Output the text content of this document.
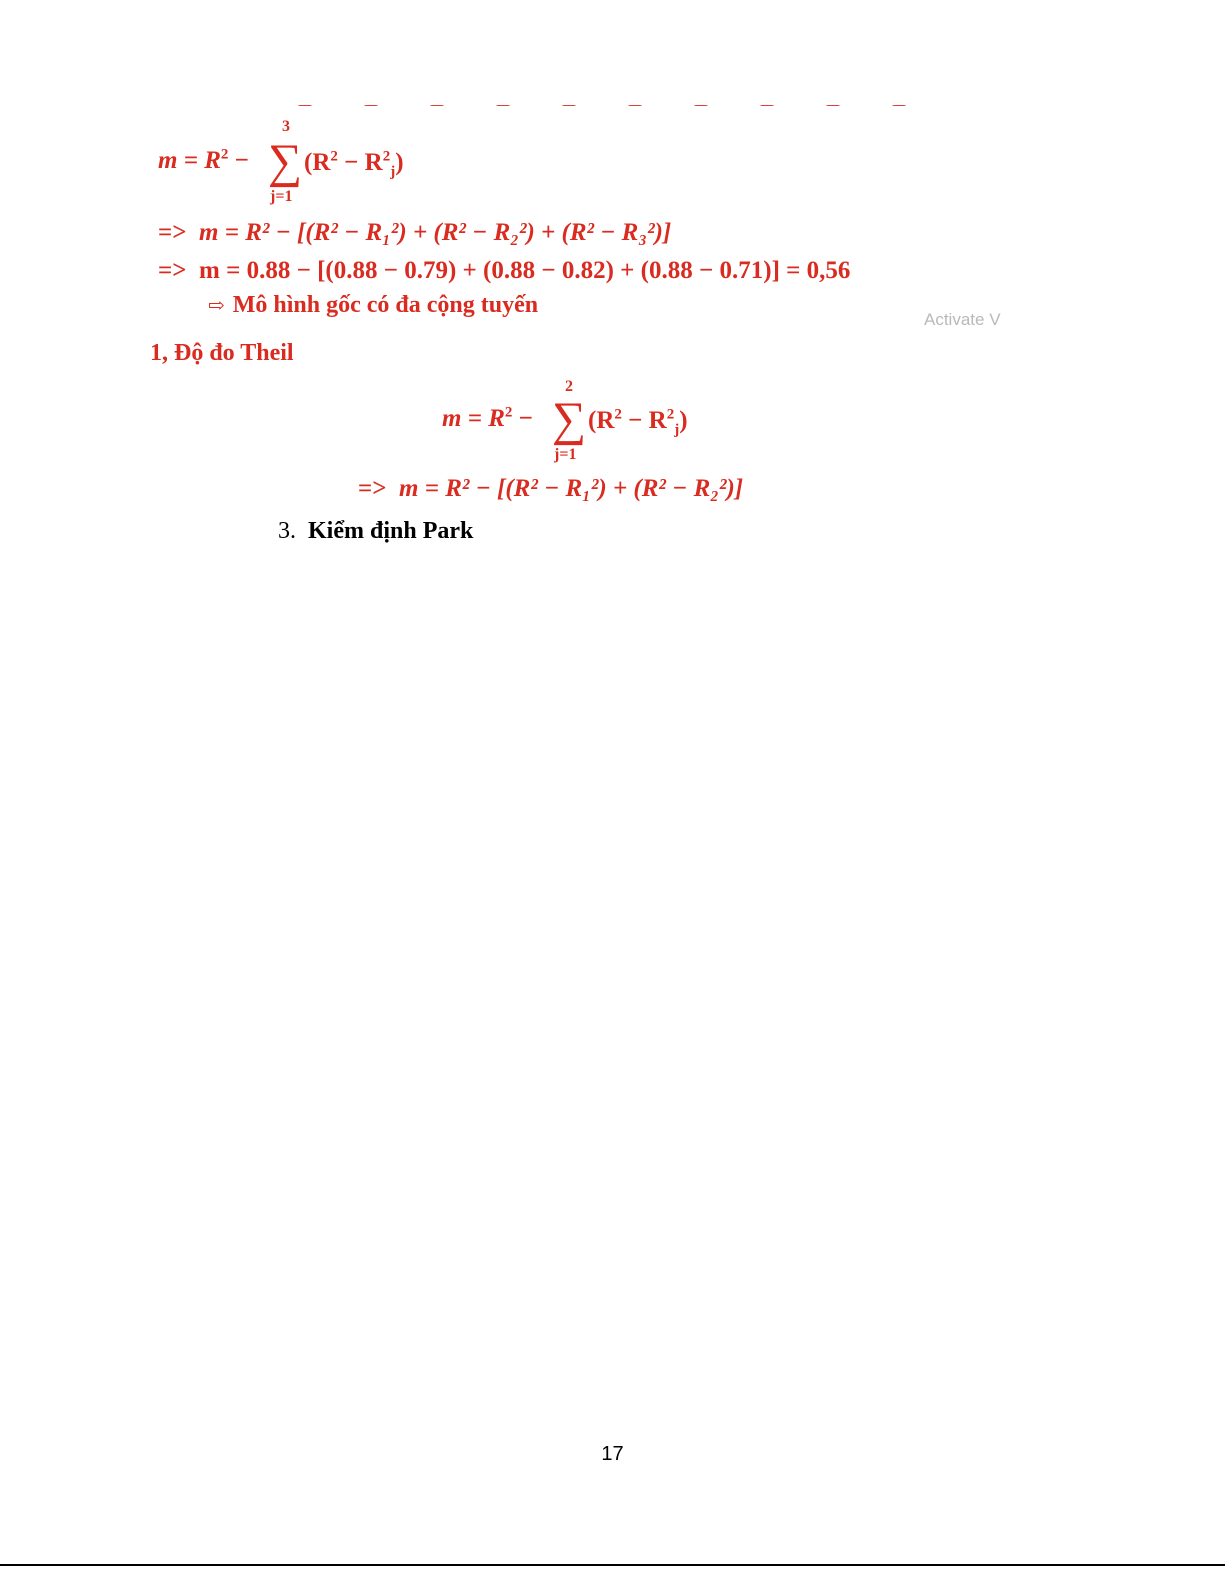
$m = R^2$ −
3
∑
j=1
$(R^2 - R^2_j)$
=> m = R² − [(R² − R₁²) + (R² − R₂²) + (R² − R₃²)]
=> m = 0.88 − [(0.88 − 0.79) + (0.88 − 0.82) + (0.88 − 0.71)] = 0,56
⇨ Mô hình gốc có đa cộng tuyến
Activate V
1, Độ đo Theil
$m = R^2$ −
2
∑
j=1
$(R^2 - R^2_j)$
=> m = R² − [(R² − R₁²) + (R² − R₂²)]
3. Kiểm định Park
17
